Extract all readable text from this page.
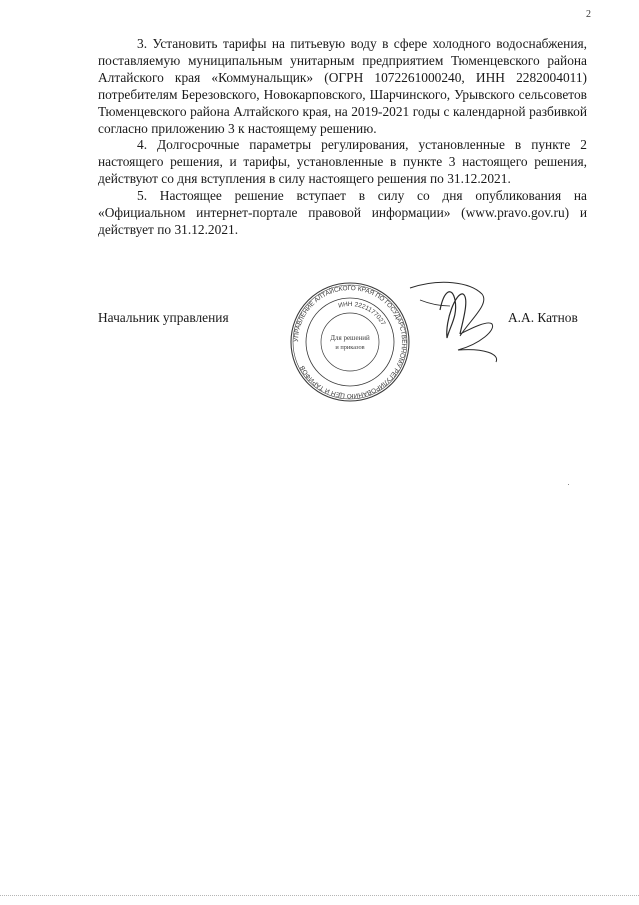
2

3. Установить тарифы на питьевую воду в сфере холодного водоснабжения, поставляемую муниципальным унитарным предприятием Тюменцевского района Алтайского края «Коммунальщик» (ОГРН 1072261000240, ИНН 2282004011) потребителям Березовского, Новокарповского, Шарчинского, Урывского сельсоветов Тюменцевского района Алтайского края, на 2019-2021 годы с календарной разбивкой согласно приложению 3 к настоящему решению.

4. Долгосрочные параметры регулирования, установленные в пункте 2 настоящего решения, и тарифы, установленные в пункте 3 настоящего решения, действуют со дня вступления в силу настоящего решения по 31.12.2021.

5. Настоящее решение вступает в силу со дня опубликования на «Официальном интернет-портале правовой информации» (www.pravo.gov.ru) и действует по 31.12.2021.

Начальник управления
УПРАВЛЕНИЕ АЛТАЙСКОГО КРАЯ ПО ГОСУДАРСТВЕННОМУ РЕГУЛИРОВАНИЮ ЦЕН И ТАРИФОВ
ИНН 2221177027
Для решений
и приказов
А.А. Катнов
